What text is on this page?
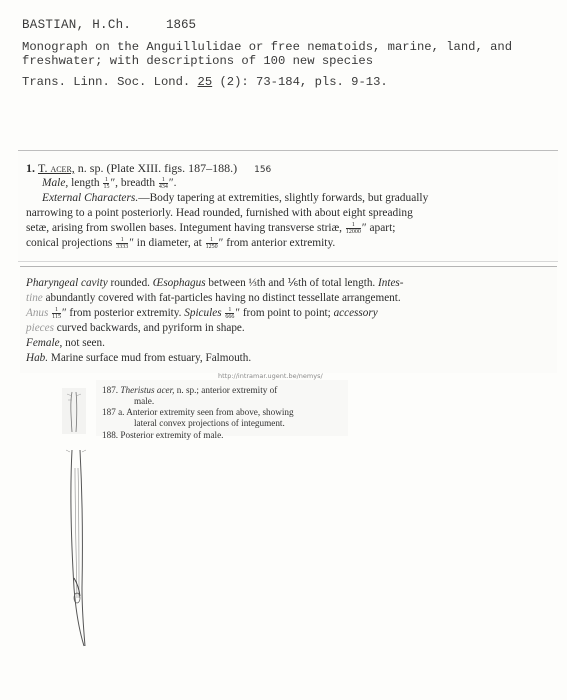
BASTIAN, H.Ch.	1865
Monograph on the Anguillulidae or free nematoids, marine, land, and freshwater; with descriptions of 100 new species
Trans. Linn. Soc. Lond. 25 (2): 73-184, pls. 9-13.
1. T. acer, n. sp. (Plate XIII. figs. 187–188.) 156
Male, length $\frac{1}{15}$ ″, breadth $\frac{1}{434}$ ″.
External Characters.—Body tapering at extremities, slightly forwards, but gradually
narrowing to a point posteriorly. Head rounded, furnished with about eight spreading
setæ, arising from swollen bases. Integument having transverse striæ, $\frac{1}{12000}$ ″ apart;
conical projections $\frac{1}{3333}$ ″ in diameter, at $\frac{1}{1250}$ ″ from anterior extremity.
Pharyngeal cavity rounded. Œsophagus between ⅓th and ⅙th of total length. Intes-
tine abundantly covered with fat-particles having no distinct tessellate arrangement.
Anus $\frac{1}{115}$ ″ from posterior extremity. Spicules $\frac{1}{666}$ ″ from point to point; accessory
pieces curved backwards, and pyriform in shape.
Female, not seen.
Hab. Marine surface mud from estuary, Falmouth.
http://intramar.ugent.be/nemys/
187. Theristus acer, n. sp.; anterior extremity of
male.
187 a. Anterior extremity seen from above, showing
lateral convex projections of integument.
188. Posterior extremity of male.
